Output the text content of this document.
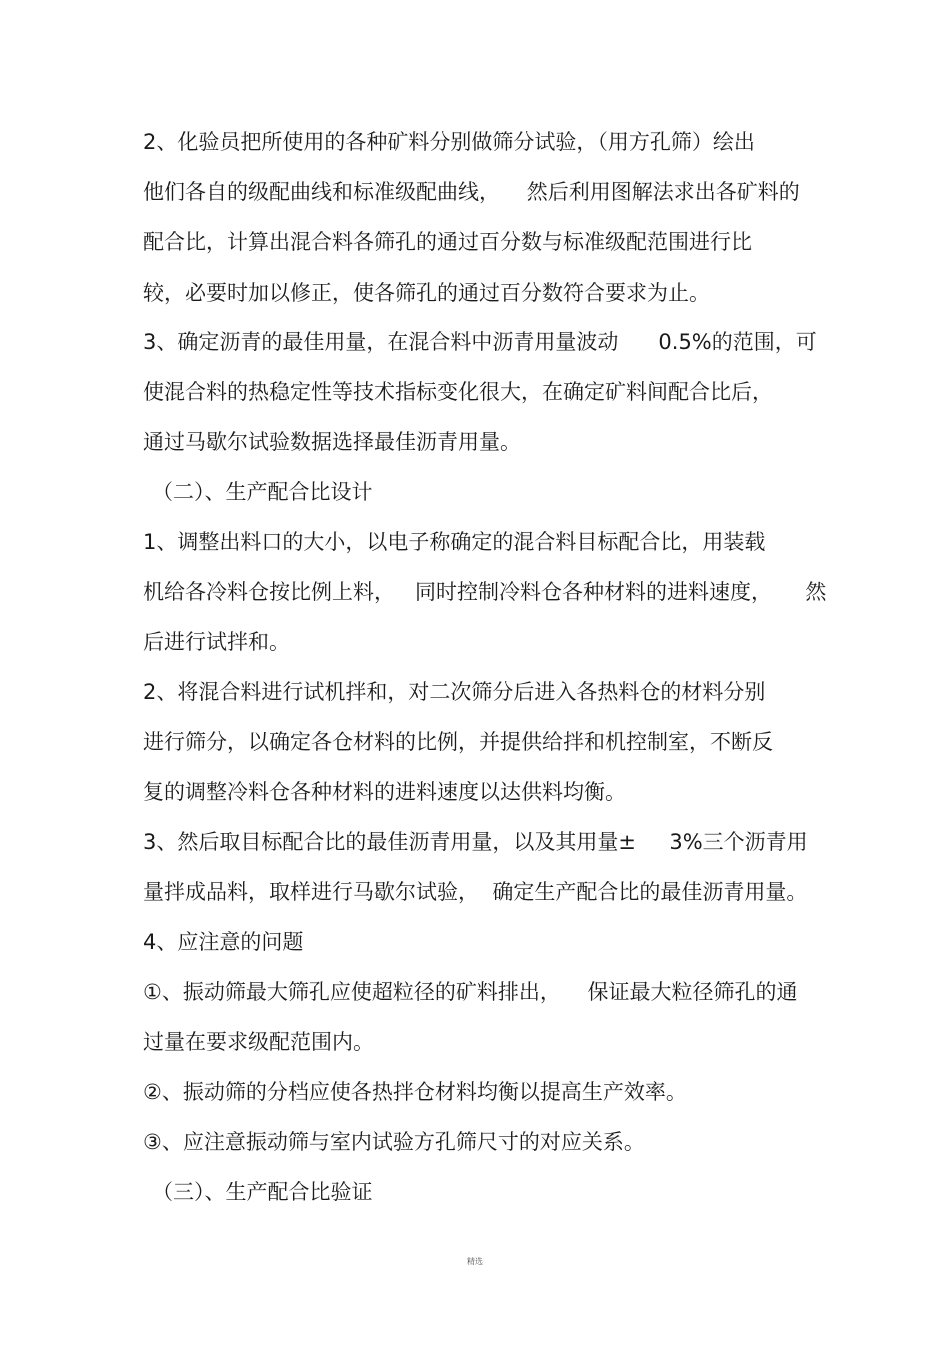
2、化验员把所使用的各种矿料分别做筛分试验，（用方孔筛）绘出
他们各自的级配曲线和标准级配曲线，    然后利用图解法求出各矿料的
配合比，计算出混合料各筛孔的通过百分数与标准级配范围进行比
较，必要时加以修正，使各筛孔的通过百分数符合要求为止。
3、确定沥青的最佳用量，在混合料中沥青用量波动      0.5%的范围，可
使混合料的热稳定性等技术指标变化很大，在确定矿料间配合比后，
通过马歇尔试验数据选择最佳沥青用量。
（二）、生产配合比设计
1、调整出料口的大小，以电子称确定的混合料目标配合比，用装载
机给各冷料仓按比例上料，   同时控制冷料仓各种材料的进料速度，     然
后进行试拌和。
2、将混合料进行试机拌和，对二次筛分后进入各热料仓的材料分别
进行筛分，以确定各仓材料的比例，并提供给拌和机控制室，不断反
复的调整冷料仓各种材料的进料速度以达供料均衡。
3、然后取目标配合比的最佳沥青用量，以及其用量±     3%三个沥青用
量拌成品料，取样进行马歇尔试验，  确定生产配合比的最佳沥青用量。
4、应注意的问题
①、振动筛最大筛孔应使超粒径的矿料排出，    保证最大粒径筛孔的通
过量在要求级配范围内。
②、振动筛的分档应使各热拌仓材料均衡以提高生产效率。
③、应注意振动筛与室内试验方孔筛尺寸的对应关系。
（三）、生产配合比验证
精选
